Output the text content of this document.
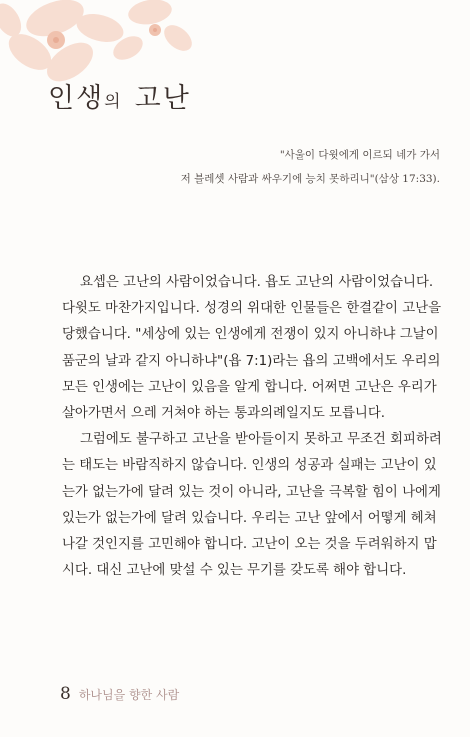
인생의 고난
"사울이 다윗에게 이르되 네가 가서
저 블레셋 사람과 싸우기에 능치 못하리니"(삼상 17:33).
요셉은 고난의 사람이었습니다. 욥도 고난의 사람이었습니다.
다윗도 마찬가지입니다. 성경의 위대한 인물들은 한결같이 고난을
당했습니다. "세상에 있는 인생에게 전쟁이 있지 아니하냐 그날이
품군의 날과 같지 아니하냐"(욥 7:1)라는 욥의 고백에서도 우리의
모든 인생에는 고난이 있음을 알게 합니다. 어쩌면 고난은 우리가
살아가면서 으레 거쳐야 하는 통과의례일지도 모릅니다.
그럼에도 불구하고 고난을 받아들이지 못하고 무조건 회피하려
는 태도는 바람직하지 않습니다. 인생의 성공과 실패는 고난이 있
는가 없는가에 달려 있는 것이 아니라, 고난을 극복할 힘이 나에게
있는가 없는가에 달려 있습니다. 우리는 고난 앞에서 어떻게 헤쳐
나갈 것인지를 고민해야 합니다. 고난이 오는 것을 두려워하지 맙
시다. 대신 고난에 맞설 수 있는 무기를 갖도록 해야 합니다.
8 하나님을 향한 사람
